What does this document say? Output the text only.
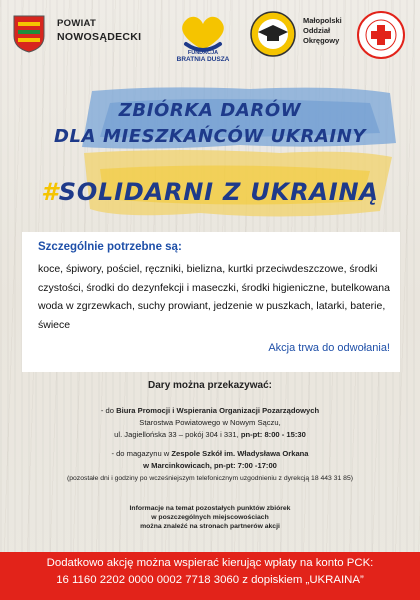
POWIAT
NOWOSĄDECKI
FUNDACJA
BRATNIA DUSZA
Małopolski
Oddział
Okręgowy
ZBIÓRKA DARÓW
DLA MIESZKAŃCÓW UKRAINY
#SOLIDARNI Z UKRAINĄ
Szczególnie potrzebne są:
koce, śpiwory, pościel, ręczniki, bielizna, kurtki przeciwdeszczowe, środki czystości, środki do dezynfekcji i maseczki, środki higieniczne, butelkowana woda w zgrzewkach, suchy prowiant, jedzenie w puszkach, latarki, baterie, świece
Akcja trwa do odwołania!
Dary można przekazywać:
- do Biura Promocji i Wspierania Organizacji Pozarządowych
Starostwa Powiatowego w Nowym Sączu,
ul. Jagiellońska 33 – pokój 304 i 331, pn-pt: 8:00 - 15:30
- do magazynu w Zespole Szkół im. Władysława Orkana
w Marcinkowicach, pn-pt: 7:00 -17:00
(pozostałe dni i godziny po wcześniejszym telefonicznym uzgodnieniu z dyrekcją 18 443 31 85)
Informacje na temat pozostałych punktów zbiórek
w poszczególnych miejscowościach
można znaleźć na stronach partnerów akcji
Dodatkowo akcję można wspierać kierując wpłaty na konto PCK:
16 1160 2202 0000 0002 7718 3060 z dopiskiem „UKRAINA”
